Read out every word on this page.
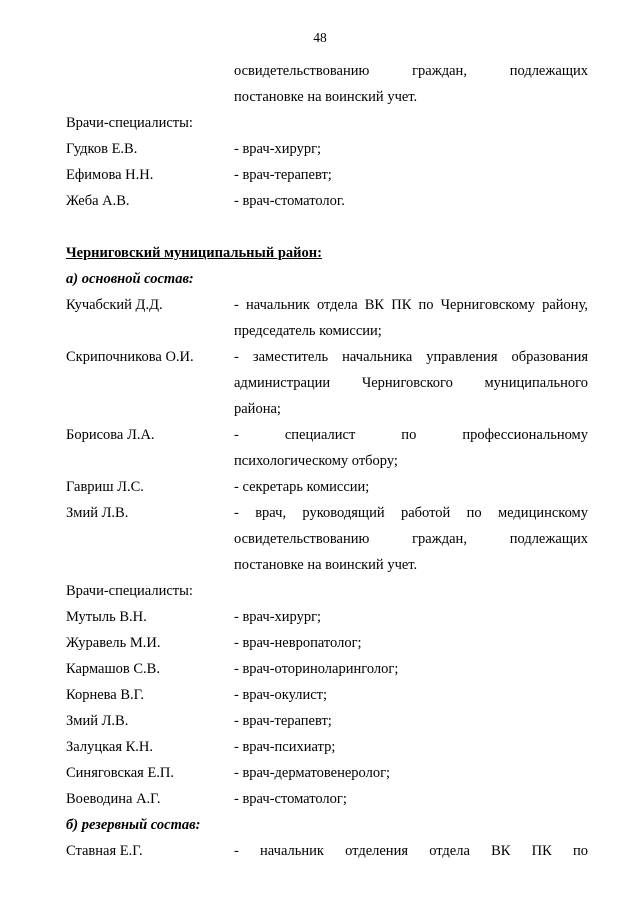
48
освидетельствованию граждан, подлежащих
постановке на воинский учет.
Врачи-специалисты:
Гудков Е.В.	- врач-хирург;
Ефимова Н.Н.	- врач-терапевт;
Жеба А.В.	- врач-стоматолог.
Черниговский муниципальный район:
а) основной состав:
Кучабский Д.Д.	- начальник отдела ВК ПК по Черниговскому району,
председатель комиссии;
Скрипочникова О.И.	- заместитель начальника управления образования
администрации Черниговского муниципального
района;
Борисова Л.А.	- специалист по профессиональному
психологическому отбору;
Гавриш Л.С.	- секретарь комиссии;
Змий Л.В.	- врач, руководящий работой по медицинскому
освидетельствованию граждан, подлежащих
постановке на воинский учет.
Врачи-специалисты:
Мутыль В.Н.	- врач-хирург;
Журавель М.И.	- врач-невропатолог;
Кармашов С.В.	- врач-оториноларинголог;
Корнева В.Г.	- врач-окулист;
Змий Л.В.	- врач-терапевт;
Залуцкая К.Н.	- врач-психиатр;
Синяговская Е.П.	- врач-дерматовенеролог;
Воеводина А.Г.	- врач-стоматолог;
б) резервный состав:
Ставная Е.Г.	- начальник отделения отдела ВК ПК по
